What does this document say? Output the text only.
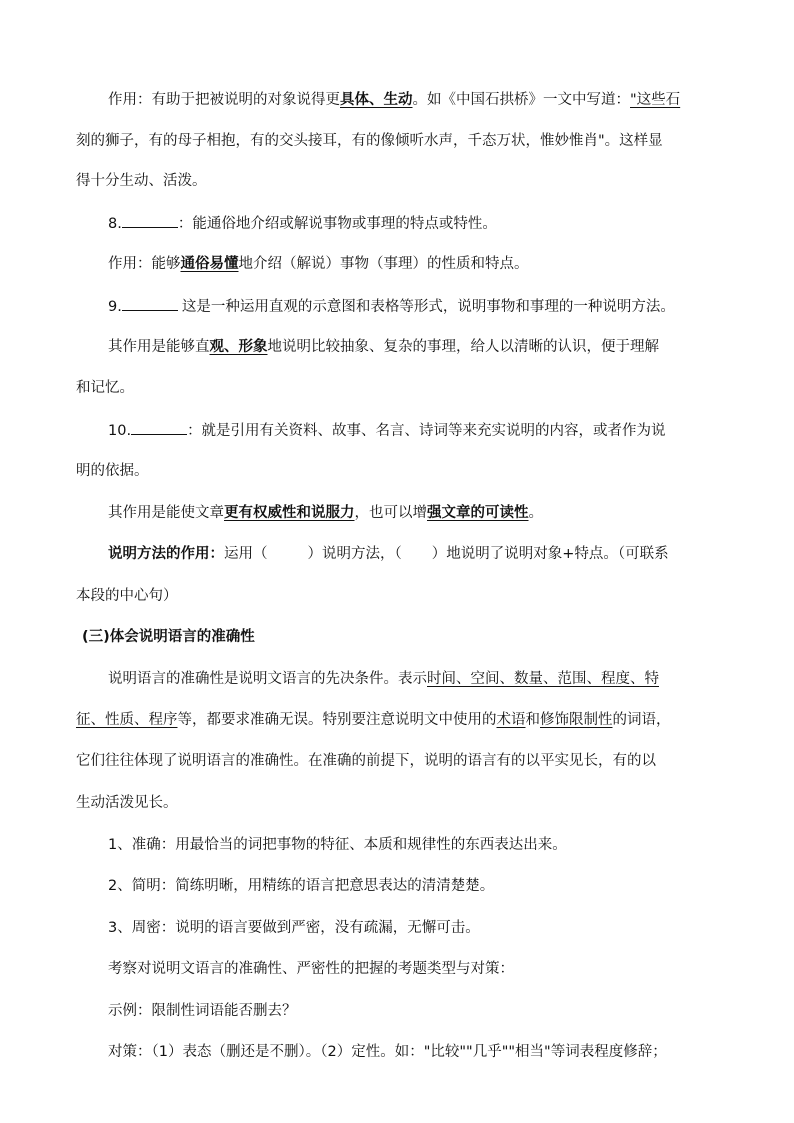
作用：有助于把被说明的对象说得更具体、生动。如《中国石拱桥》一文中写道："这些石
刻的狮子，有的母子相抱，有的交头接耳，有的像倾听水声，千态万状，惟妙惟肖"。这样显
得十分生动、活泼。
8.	：能通俗地介绍或解说事物或事理的特点或特性。
作用：能够通俗易懂地介绍（解说）事物（事理）的性质和特点。
9.	这是一种运用直观的示意图和表格等形式，说明事物和事理的一种说明方法。
其作用是能够直观、形象地说明比较抽象、复杂的事理，给人以清晰的认识，便于理解
和记忆。
10.	：就是引用有关资料、故事、名言、诗词等来充实说明的内容，或者作为说
明的依据。
其作用是能使文章更有权威性和说服力，也可以增强文章的可读性。
说明方法的作用：运用（	）说明方法，（ ）地说明了说明对象+特点。（可联系
本段的中心句）
(三)体会说明语言的准确性
说明语言的准确性是说明文语言的先决条件。表示时间、空间、数量、范围、程度、特
征、性质、程序等，都要求准确无误。特别要注意说明文中使用的术语和修饰限制性的词语，
它们往往体现了说明语言的准确性。在准确的前提下，说明的语言有的以平实见长，有的以
生动活泼见长。
1、准确：用最恰当的词把事物的特征、本质和规律性的东西表达出来。
2、简明：简练明晰，用精练的语言把意思表达的清清楚楚。
3、周密：说明的语言要做到严密，没有疏漏，无懈可击。
考察对说明文语言的准确性、严密性的把握的考题类型与对策：
示例：限制性词语能否删去？
对策：（1）表态（删还是不删）。（2）定性。如："比较""几乎""相当"等词表程度修辞；
